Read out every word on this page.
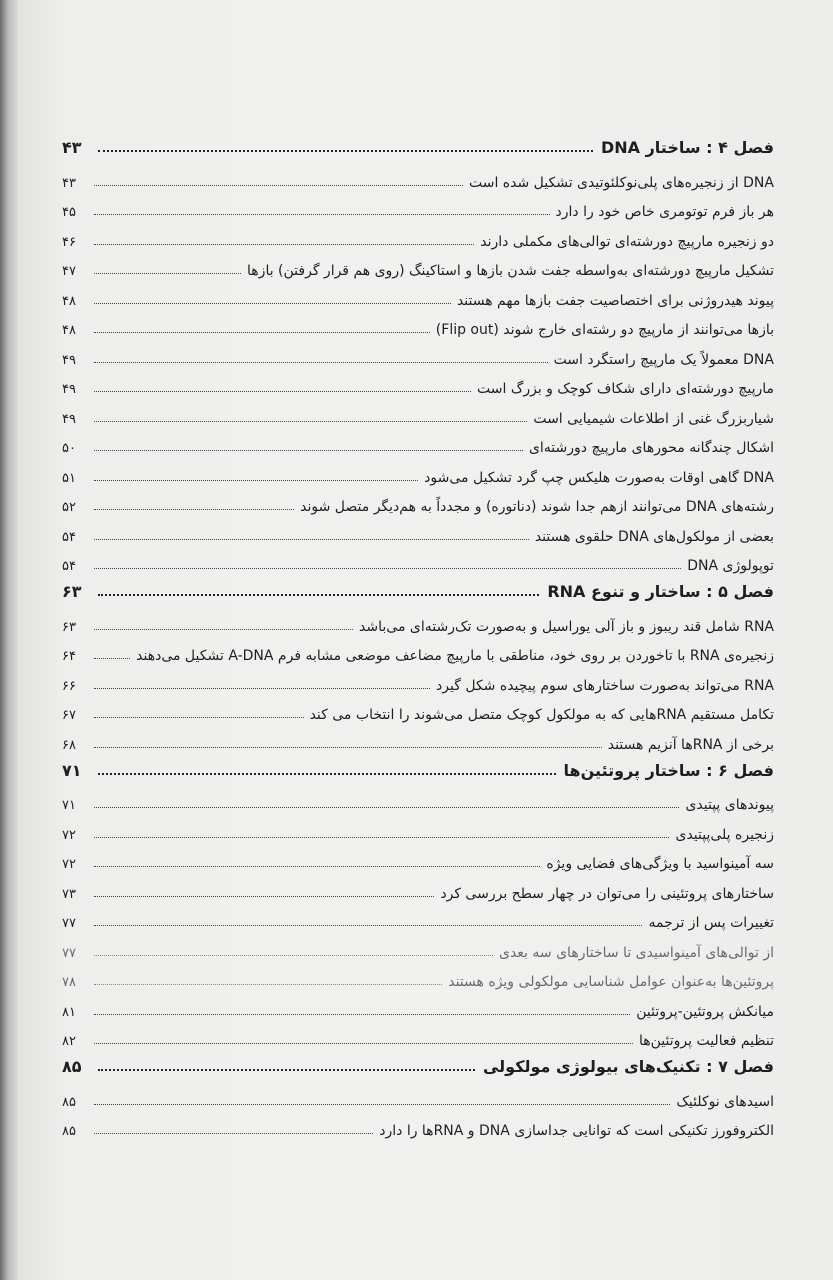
فصل ۴ : ساختار DNA
۴۳
DNA از زنجیره‌های پلی‌نوکلئوتیدی تشکیل شده است
۴۳
هر باز فرم توتومری خاص خود را دارد
۴۵
دو زنجیره مارپیچ دورشته‌ای توالی‌های مکملی دارند
۴۶
تشکیل مارپیچ دورشته‌ای به‌واسطه جفت شدن بازها و استاکینگ (روی هم قرار گرفتن) بازها
۴۷
پیوند هیدروژنی برای اختصاصیت جفت بازها مهم هستند
۴۸
بازها می‌توانند از مارپیچ دو رشته‌ای خارج شوند (Flip out)
۴۸
DNA معمولاً یک مارپیچ راستگرد است
۴۹
مارپیچ دورشته‌ای دارای شکاف کوچک و بزرگ است
۴۹
شیاربزرگ غنی از اطلاعات شیمیایی است
۴۹
اشکال چندگانه محورهای مارپیچ دورشته‌ای
۵۰
DNA گاهی اوقات به‌صورت هلیکس چپ گرد تشکیل می‌شود
۵۱
رشته‌های DNA می‌توانند ازهم جدا شوند (دناتوره) و مجدداً به هم‌دیگر متصل شوند
۵۲
بعضی از مولکول‌های DNA حلقوی هستند
۵۴
توپولوژی DNA
۵۴
فصل ۵ : ساختار و تنوع RNA
۶۳
RNA شامل قند ریبوز و باز آلی یوراسیل و به‌صورت تک‌رشته‌ای می‌باشد
۶۳
زنجیره‌ی RNA با تاخوردن بر روی خود، مناطقی با مارپیچ مضاعف موضعی مشابه فرم A-DNA تشکیل می‌دهند
۶۴
RNA می‌تواند به‌صورت ساختارهای سوم پیچیده شکل گیرد
۶۶
تکامل مستقیم RNAهایی که به مولکول کوچک متصل می‌شوند را انتخاب می کند
۶۷
برخی از RNAها آنزیم هستند
۶۸
فصل ۶ : ساختار پروتئین‌ها
۷۱
پیوندهای پپتیدی
۷۱
زنجیره پلی‌پپتیدی
۷۲
سه آمینواسید با ویژگی‌های فضایی ویژه
۷۲
ساختارهای پروتئینی را می‌توان در چهار سطح بررسی کرد
۷۳
تغییرات پس از ترجمه
۷۷
از توالی‌های آمینواسیدی تا ساختارهای سه بعدی
۷۷
پروتئین‌ها به‌عنوان عوامل شناسایی مولکولی ویژه هستند
۷۸
میانکش پروتئین-پروتئین
۸۱
تنظیم فعالیت پروتئین‌ها
۸۲
فصل ۷ : تکنیک‌های بیولوژی مولکولی
۸۵
اسیدهای نوکلئیک
۸۵
الکتروفورز تکنیکی است که توانایی جداسازی DNA و RNAها را دارد
۸۵
